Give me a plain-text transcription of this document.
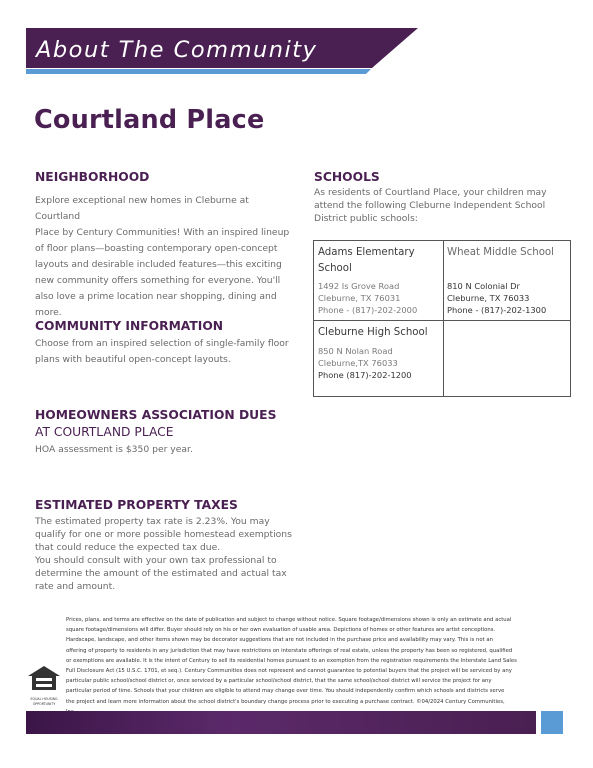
About The Community
Courtland Place
NEIGHBORHOOD
Explore exceptional new homes in Cleburne at Courtland
Place by Century Communities! With an inspired lineup
of floor plans—boasting contemporary open-concept
layouts and desirable included features—this exciting
new community offers something for everyone. You'll
also love a prime location near shopping, dining and
more.
COMMUNITY INFORMATION
Choose from an inspired selection of single-family floor
plans with beautiful open-concept layouts.
HOMEOWNERS ASSOCIATION DUES
AT COURTLAND PLACE
HOA assessment is $350 per year.
ESTIMATED PROPERTY TAXES
The estimated property tax rate is 2.23%. You may
qualify for one or more possible homestead exemptions
that could reduce the expected tax due.
You should consult with your own tax professional to
determine the amount of the estimated and actual tax
rate and amount.
SCHOOLS
As residents of Courtland Place, your children may
attend the following Cleburne Independent School
District public schools:
Adams Elementary
School
1492 Is Grove Road
Cleburne, TX 76031
Phone - (817)-202-2000
Wheat Middle School
810 N Colonial Dr
Cleburne, TX 76033
Phone - (817)-202-1300
Cleburne High School
850 N Nolan Road
Cleburne,TX 76033
Phone (817)-202-1200
Prices, plans, and terms are effective on the date of publication and subject to change without notice. Square footage/dimensions shown is only an estimate and actual
square footage/dimensions will differ. Buyer should rely on his or her own evaluation of usable area. Depictions of homes or other features are artist conceptions.
Hardscape, landscape, and other items shown may be decorator suggestions that are not included in the purchase price and availability may vary. This is not an
offering of property to residents in any jurisdiction that may have restrictions on interstate offerings of real estate, unless the property has been so registered, qualified
or exemptions are available. It is the intent of Century to sell its residential homes pursuant to an exemption from the registration requirements the Interstate Land Sales
Full Disclosure Act (15 U.S.C. 1701, et seq.). Century Communities does not represent and cannot guarantee to potential buyers that the project will be serviced by any
particular public school/school district or, once serviced by a particular school/school district, that the same school/school district will service the project for any
particular period of time. Schools that your children are eligible to attend may change over time. You should independently confirm which schools and districts serve
the project and learn more information about the school district's boundary change process prior to executing a purchase contract. ©04/2024 Century Communities,
EQUAL HOUSING
OPPORTUNITY
